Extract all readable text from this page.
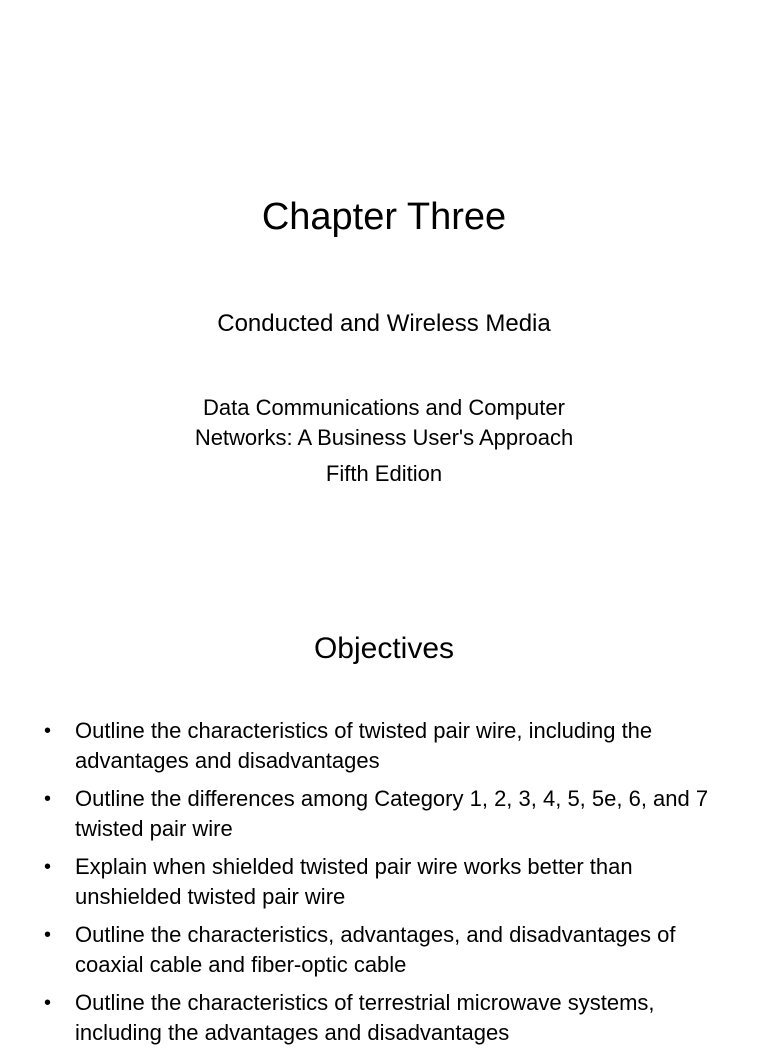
Chapter Three
Conducted and Wireless Media
Data Communications and Computer
Networks: A Business User's Approach
Fifth Edition
Objectives
• Outline the characteristics of twisted pair wire, including the advantages and disadvantages
• Outline the differences among Category 1, 2, 3, 4, 5, 5e, 6, and 7 twisted pair wire
• Explain when shielded twisted pair wire works better than unshielded twisted pair wire
• Outline the characteristics, advantages, and disadvantages of coaxial cable and fiber-optic cable
• Outline the characteristics of terrestrial microwave systems, including the advantages and disadvantages
